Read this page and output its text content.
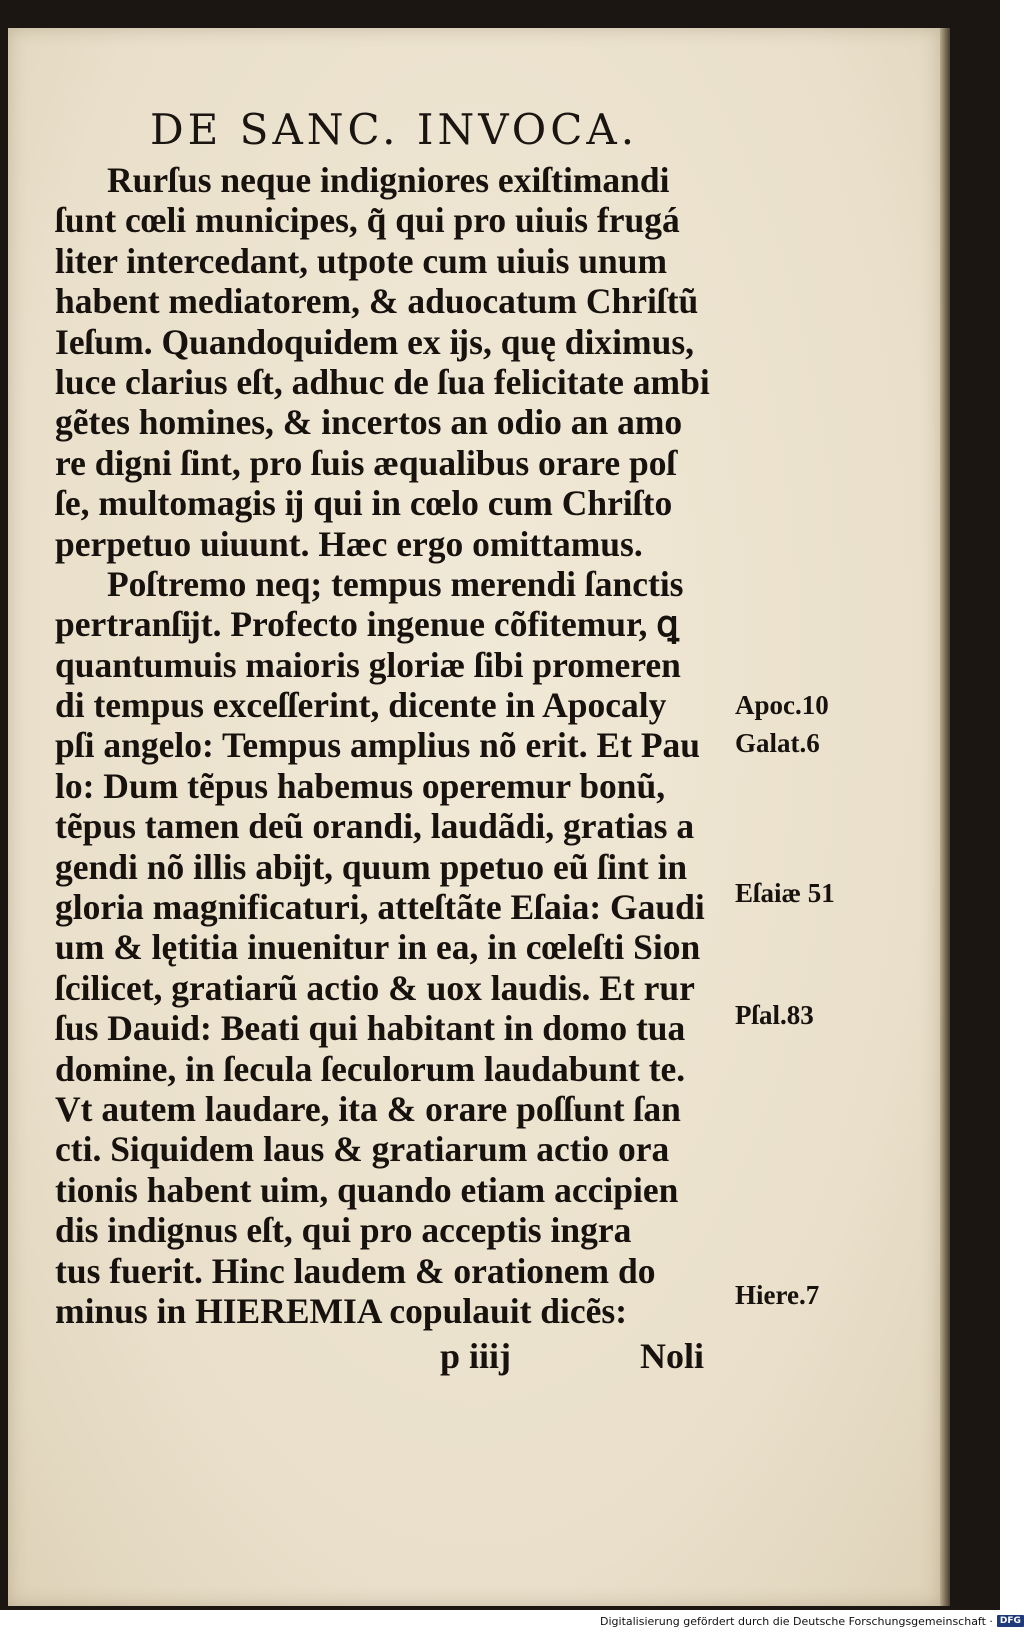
DE SANC. INVOCA.
Rurſus neque indigniores exiſtimandi
ſunt cœli municipes, q̃ qui pro uiuis frugá
liter intercedant, utpote cum uiuis unum
habent mediatorem, & aduocatum Chriſtũ
Ieſum. Quandoquidem ex ĳs, quę diximus,
luce clarius eſt, adhuc de ſua felicitate ambi
gẽtes homines, & incertos an odio an amo
re digni ſint, pro ſuis æqualibus orare poſ
ſe, multomagis ĳ qui in cœlo cum Chriſto
perpetuo uiuunt. Hæc ergo omittamus.
Poſtremo neq; tempus merendi ſanctis
pertranſĳt. Profecto ingenue cõfitemur, ꝗ
quantumuis maioris gloriæ ſibi promeren
di tempus exceſſerint, dicente in Apocaly
pſi angelo: Tempus amplius nõ erit. Et Pau
lo: Dum tẽpus habemus operemur bonũ,
tẽpus tamen deũ orandi, laudãdi, gratias a
gendi nõ illis abĳt, quum ppetuo eũ ſint in
gloria magnificaturi, atteſtãte Eſaia: Gaudi
um & lętitia inuenitur in ea, in cœleſti Sion
ſcilicet, gratiarũ actio & uox laudis. Et rur
ſus Dauid: Beati qui habitant in domo tua
domine, in ſecula ſeculorum laudabunt te.
Vt autem laudare, ita & orare poſſunt ſan
cti. Siquidem laus & gratiarum actio ora
tionis habent uim, quando etiam accipien
dis indignus eſt, qui pro acceptis ingra
tus fuerit. Hinc laudem & orationem do
minus in HIEREMIA copulauit dicẽs:
Apoc.10
Galat.6
Eſaiæ 51
Pſal.83
Hiere.7
p iiij	Noli
Digitalisierung gefördert durch die Deutsche Forschungsgemeinschaft · DFG
